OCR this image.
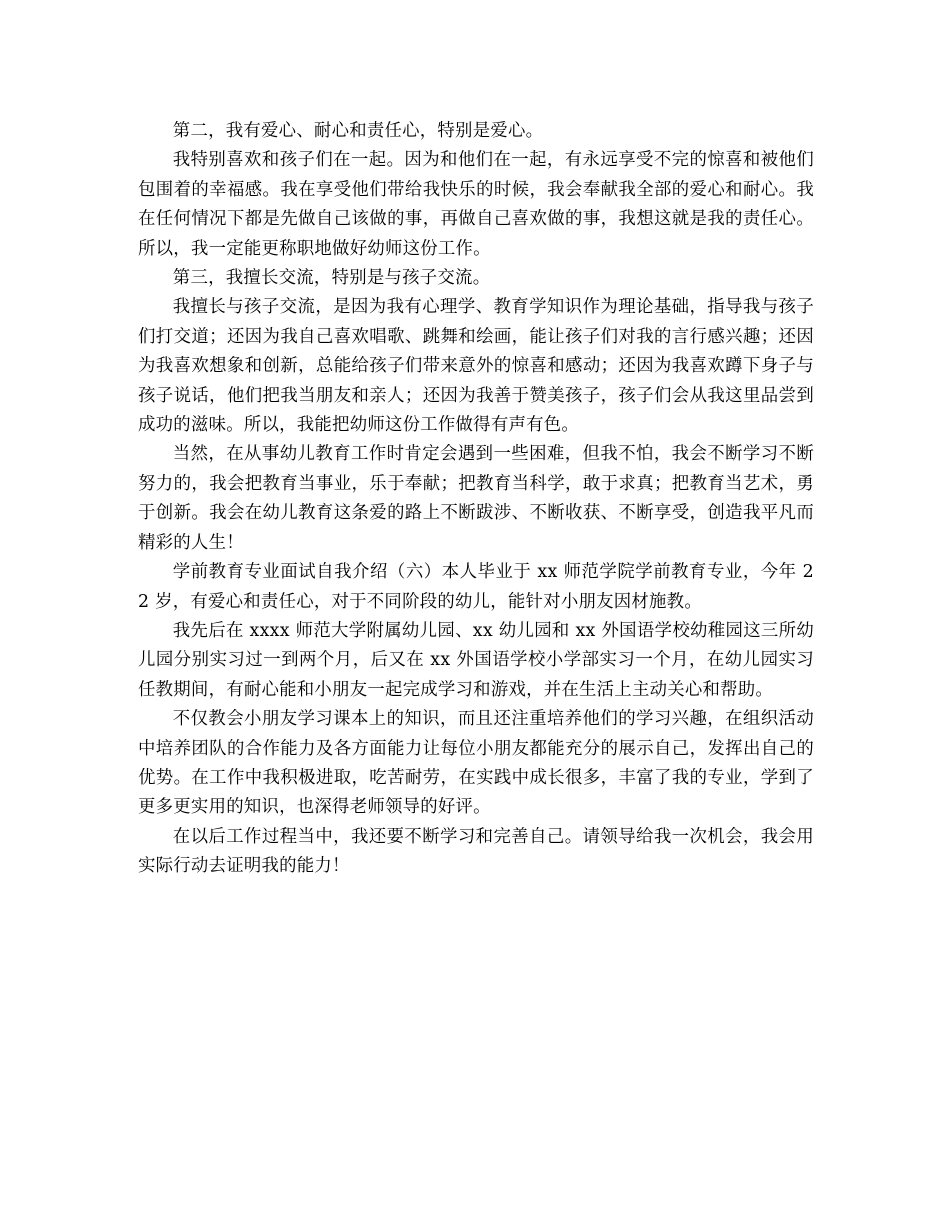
第二，我有爱心、耐心和责任心，特别是爱心。

我特别喜欢和孩子们在一起。因为和他们在一起，有永远享受不完的惊喜和被他们包围着的幸福感。我在享受他们带给我快乐的时候，我会奉献我全部的爱心和耐心。我在任何情况下都是先做自己该做的事，再做自己喜欢做的事，我想这就是我的责任心。所以，我一定能更称职地做好幼师这份工作。

第三，我擅长交流，特别是与孩子交流。

我擅长与孩子交流，是因为我有心理学、教育学知识作为理论基础，指导我与孩子们打交道；还因为我自己喜欢唱歌、跳舞和绘画，能让孩子们对我的言行感兴趣；还因为我喜欢想象和创新，总能给孩子们带来意外的惊喜和感动；还因为我喜欢蹲下身子与孩子说话，他们把我当朋友和亲人；还因为我善于赞美孩子，孩子们会从我这里品尝到成功的滋味。所以，我能把幼师这份工作做得有声有色。

当然，在从事幼儿教育工作时肯定会遇到一些困难，但我不怕，我会不断学习不断努力的，我会把教育当事业，乐于奉献；把教育当科学，敢于求真；把教育当艺术，勇于创新。我会在幼儿教育这条爱的路上不断跋涉、不断收获、不断享受，创造我平凡而精彩的人生！

学前教育专业面试自我介绍（六）本人毕业于 xx 师范学院学前教育专业，今年 22 岁，有爱心和责任心，对于不同阶段的幼儿，能针对小朋友因材施教。

我先后在 xxxx 师范大学附属幼儿园、xx 幼儿园和 xx 外国语学校幼稚园这三所幼儿园分别实习过一到两个月，后又在 xx 外国语学校小学部实习一个月，在幼儿园实习任教期间，有耐心能和小朋友一起完成学习和游戏，并在生活上主动关心和帮助。

不仅教会小朋友学习课本上的知识，而且还注重培养他们的学习兴趣，在组织活动中培养团队的合作能力及各方面能力让每位小朋友都能充分的展示自己，发挥出自己的优势。在工作中我积极进取，吃苦耐劳，在实践中成长很多，丰富了我的专业，学到了更多更实用的知识，也深得老师领导的好评。

在以后工作过程当中，我还要不断学习和完善自己。请领导给我一次机会，我会用实际行动去证明我的能力！
